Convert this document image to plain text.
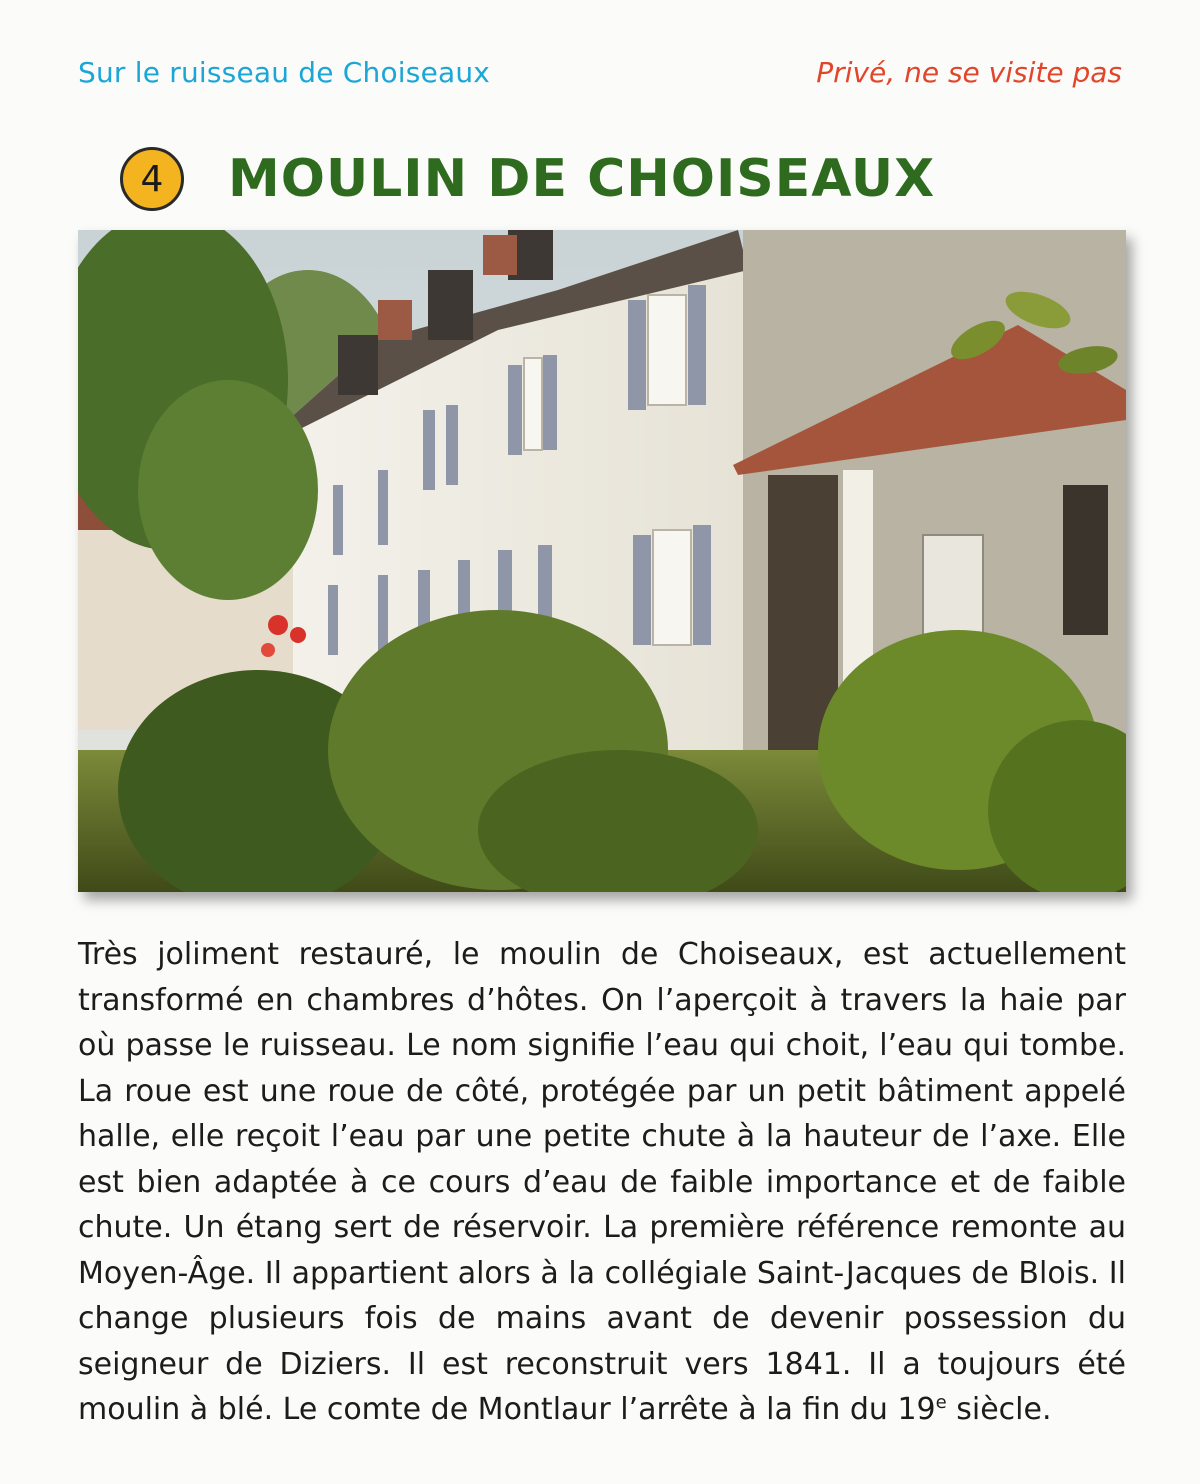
Sur le ruisseau de Choiseaux	Privé, ne se visite pas
4	MOULIN DE CHOISEAUX
Très joliment restauré, le moulin de Choiseaux, est actuellement transformé en chambres d’hôtes. On l’aperçoit à travers la haie par où passe le ruisseau. Le nom signifie l’eau qui choit, l’eau qui tombe. La roue est une roue de côté, protégée par un petit bâtiment appelé halle, elle reçoit l’eau par une petite chute à la hauteur de l’axe. Elle est bien adaptée à ce cours d’eau de faible importance et de faible chute. Un étang sert de réservoir. La première référence remonte au Moyen-Âge. Il appartient alors à la collégiale Saint-Jacques de Blois. Il change plusieurs fois de mains avant de devenir possession du seigneur de Diziers. Il est reconstruit vers 1841. Il a toujours été moulin à blé. Le comte de Montlaur l’arrête à la fin du 19e siècle.
